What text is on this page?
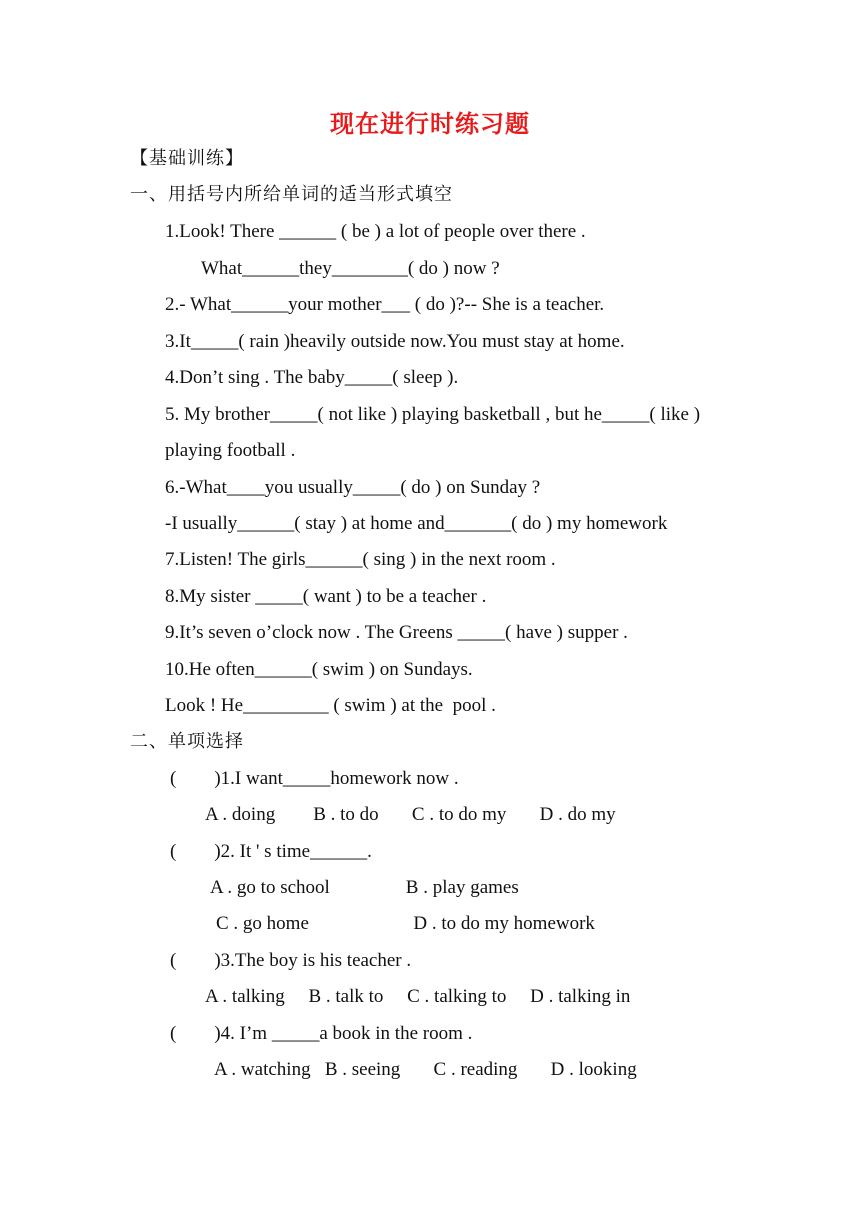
现在进行时练习题
【基础训练】
一、用括号内所给单词的适当形式填空
1.Look! There ______ ( be ) a lot of people over there .
What______they________( do ) now ?
2.- What______your mother___ ( do )?-- She is a teacher.
3.It_____( rain )heavily outside now.You must stay at home.
4.Don’t sing . The baby_____( sleep ).
5. My brother_____( not like ) playing basketball , but he_____( like )
playing football .
6.-What____you usually_____( do ) on Sunday ?
-I usually______( stay ) at home and_______( do ) my homework
7.Listen! The girls______( sing ) in the next room .
8.My sister _____( want ) to be a teacher .
9.It’s seven o’clock now . The Greens _____( have ) supper .
10.He often______( swim ) on Sundays.
Look ! He_________ ( swim ) at the  pool .
二、单项选择
(        )1.I want_____homework now .
A . doing        B . to do       C . to do my       D . do my
(        )2. It ' s time______.
A . go to school                B . play games
C . go home                      D . to do my homework
(        )3.The boy is his teacher .
A . talking     B . talk to     C . talking to     D . talking in
(        )4. I’m _____a book in the room .
A . watching   B . seeing       C . reading       D . looking
